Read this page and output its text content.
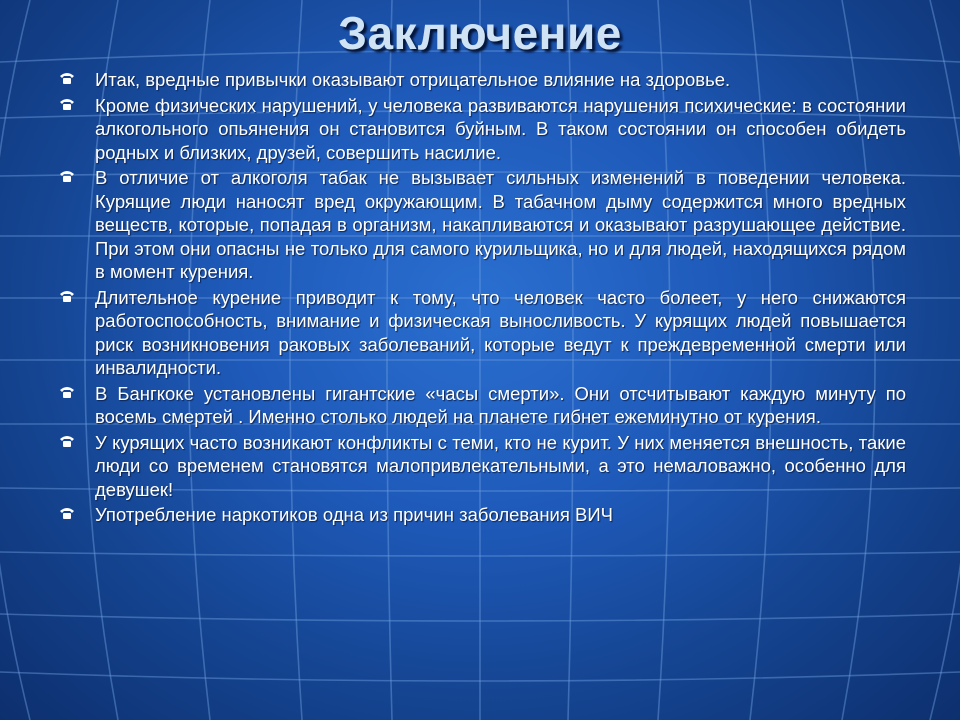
Заключение
Итак, вредные привычки оказывают отрицательное влияние на здоровье.
Кроме физических нарушений, у человека развиваются нарушения психические: в состоянии алкогольного опьянения он становится буйным. В таком состоянии он способен обидеть родных и близких, друзей, совершить насилие.
В отличие от алкоголя табак не вызывает сильных изменений в поведении человека. Курящие люди наносят вред окружающим. В табачном дыму содержится много вредных веществ, которые, попадая в организм, накапливаются и оказывают разрушающее действие. При этом они опасны не только для самого курильщика, но и для людей, находящихся рядом в момент курения.
Длительное курение приводит к тому, что человек часто болеет, у него снижаются работоспособность, внимание и физическая выносливость. У курящих людей повышается риск возникновения раковых заболеваний, которые ведут к преждевременной смерти или инвалидности.
В Бангкоке установлены гигантские «часы смерти». Они отсчитывают каждую минуту по восемь смертей . Именно столько людей на планете гибнет ежеминутно от курения.
У курящих часто возникают конфликты с теми, кто не курит. У них меняется внешность, такие люди со временем становятся малопривлекательными, а это немаловажно, особенно для девушек!
Употребление наркотиков одна из причин заболевания ВИЧ
